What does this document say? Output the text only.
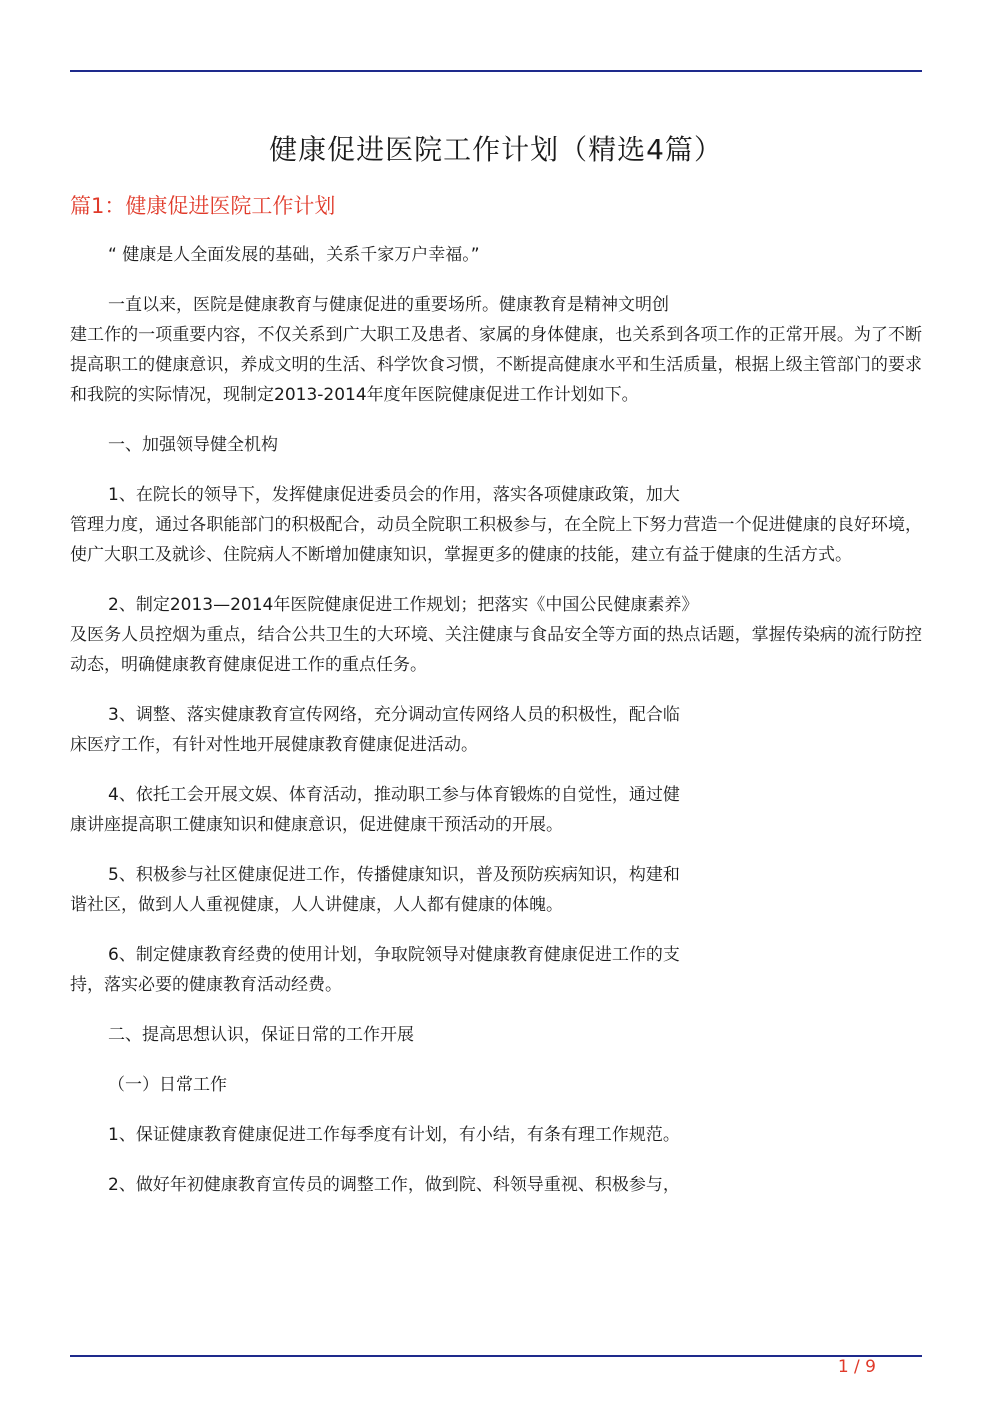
健康促进医院工作计划（精选4篇）
篇1：健康促进医院工作计划
“ 健康是人全面发展的基础，关系千家万户幸福。”
一直以来，医院是健康教育与健康促进的重要场所。健康教育是精神文明创
建工作的一项重要内容，不仅关系到广大职工及患者、家属的身体健康，也关系到各项工作的正常开展。为了不断提高职工的健康意识，养成文明的生活、科学饮食习惯，不断提高健康水平和生活质量，根据上级主管部门的要求和我院的实际情况，现制定2013-2014年度年医院健康促进工作计划如下。
一、加强领导健全机构
1、在院长的领导下，发挥健康促进委员会的作用，落实各项健康政策，加大
管理力度，通过各职能部门的积极配合，动员全院职工积极参与，在全院上下努力营造一个促进健康的良好环境，使广大职工及就诊、住院病人不断增加健康知识，掌握更多的健康的技能，建立有益于健康的生活方式。
2、制定2013—2014年医院健康促进工作规划；把落实《中国公民健康素养》
及医务人员控烟为重点，结合公共卫生的大环境、关注健康与食品安全等方面的热点话题，掌握传染病的流行防控动态，明确健康教育健康促进工作的重点任务。
3、调整、落实健康教育宣传网络，充分调动宣传网络人员的积极性，配合临
床医疗工作，有针对性地开展健康教育健康促进活动。
4、依托工会开展文娱、体育活动，推动职工参与体育锻炼的自觉性，通过健
康讲座提高职工健康知识和健康意识，促进健康干预活动的开展。
5、积极参与社区健康促进工作，传播健康知识，普及预防疾病知识，构建和
谐社区，做到人人重视健康，人人讲健康，人人都有健康的体魄。
6、制定健康教育经费的使用计划，争取院领导对健康教育健康促进工作的支
持，落实必要的健康教育活动经费。
二、提高思想认识，保证日常的工作开展
（一）日常工作
1、保证健康教育健康促进工作每季度有计划，有小结，有条有理工作规范。
2、做好年初健康教育宣传员的调整工作，做到院、科领导重视、积极参与，
1 / 9
